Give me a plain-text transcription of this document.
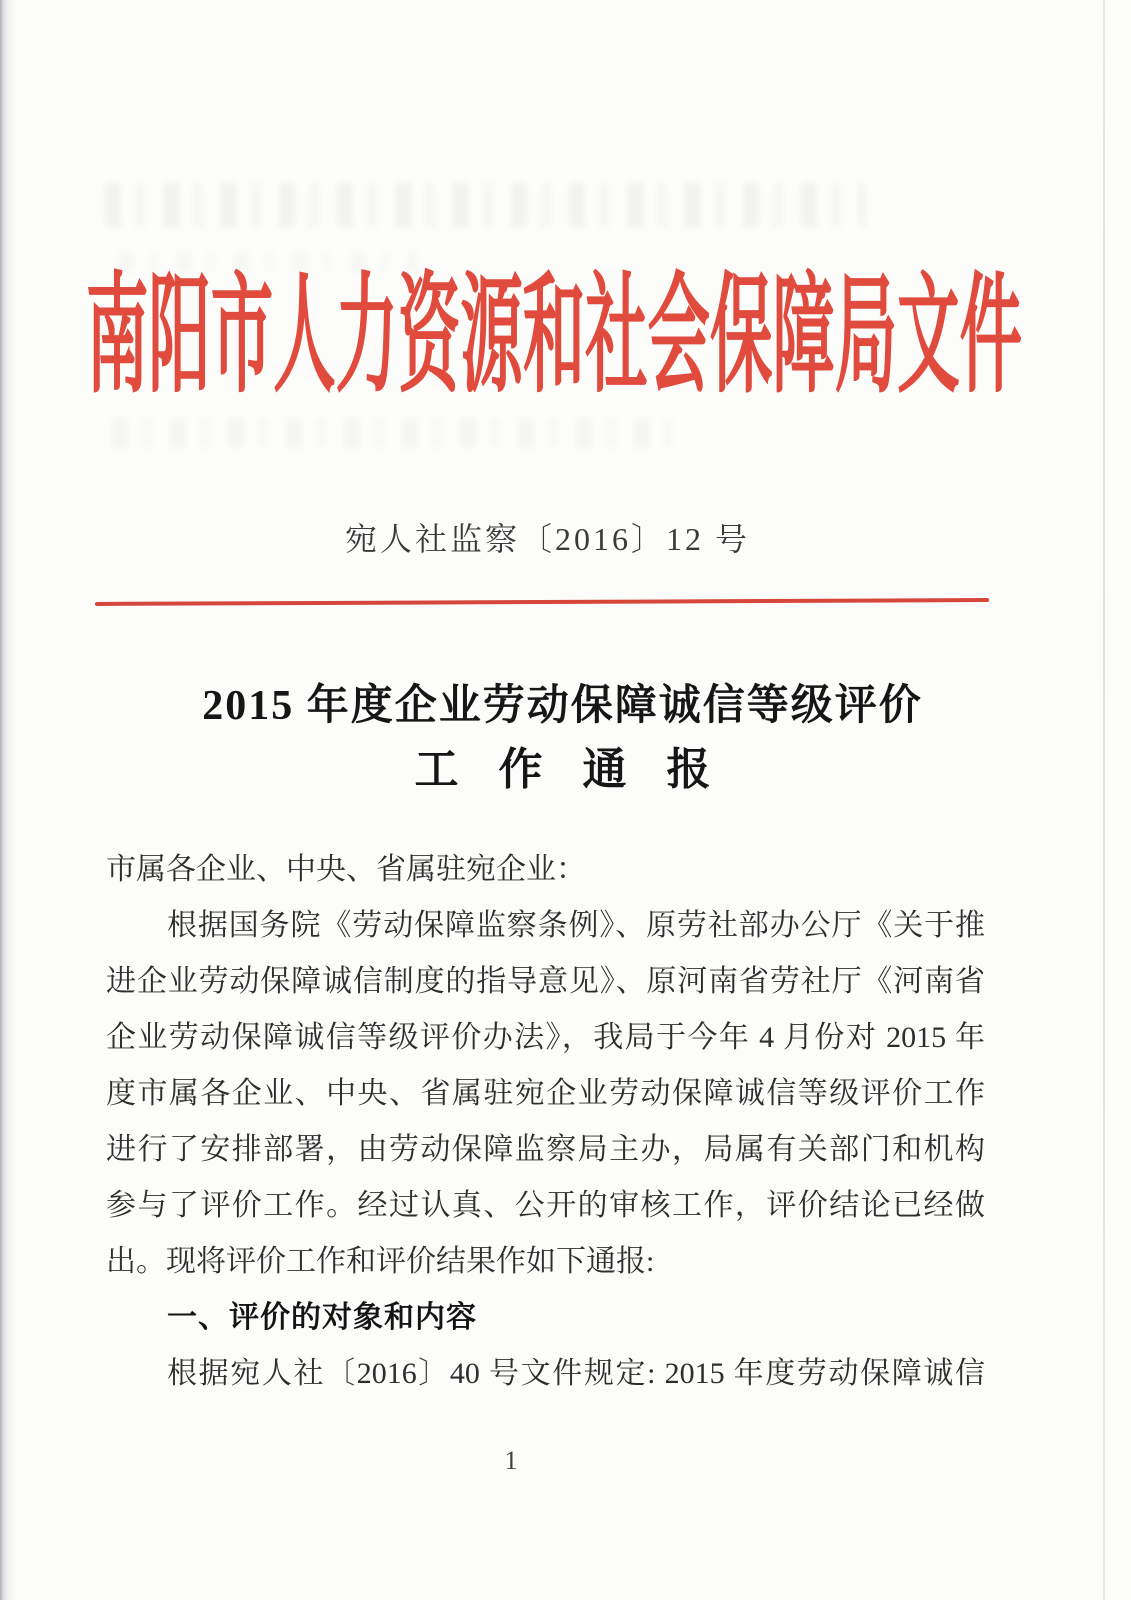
南阳市人力资源和社会保障局文件
宛人社监察〔2016〕12 号
2015 年度企业劳动保障诚信等级评价
工作通报
市属各企业、中央、省属驻宛企业：
根据国务院《劳动保障监察条例》、原劳社部办公厅《关于推
进企业劳动保障诚信制度的指导意见》、原河南省劳社厅《河南省
企业劳动保障诚信等级评价办法》，我局于今年 4 月份对 2015 年
度市属各企业、中央、省属驻宛企业劳动保障诚信等级评价工作
进行了安排部署，由劳动保障监察局主办，局属有关部门和机构
参与了评价工作。经过认真、公开的审核工作，评价结论已经做
出。现将评价工作和评价结果作如下通报:
一、评价的对象和内容
根据宛人社〔2016〕40 号文件规定: 2015 年度劳动保障诚信
1
